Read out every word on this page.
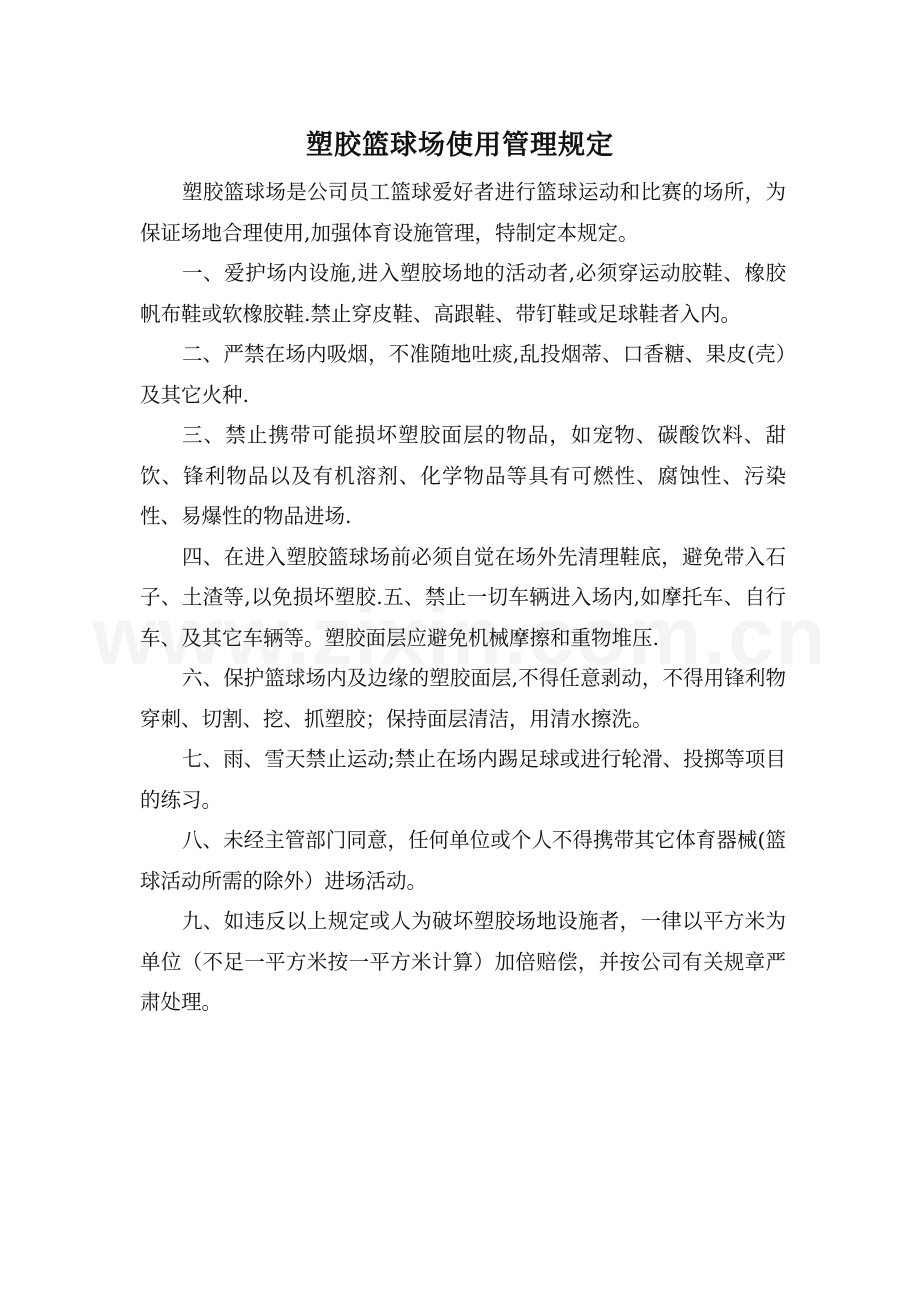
塑胶篮球场使用管理规定

塑胶篮球场是公司员工篮球爱好者进行篮球运动和比赛的场所，为保证场地合理使用,加强体育设施管理，特制定本规定。

一、爱护场内设施,进入塑胶场地的活动者,必须穿运动胶鞋、橡胶帆布鞋或软橡胶鞋.禁止穿皮鞋、高跟鞋、带钉鞋或足球鞋者入内。

二、严禁在场内吸烟，不准随地吐痰,乱投烟蒂、口香糖、果皮(壳）及其它火种.

三、禁止携带可能损坏塑胶面层的物品，如宠物、碳酸饮料、甜饮、锋利物品以及有机溶剂、化学物品等具有可燃性、腐蚀性、污染性、易爆性的物品进场.

四、在进入塑胶篮球场前必须自觉在场外先清理鞋底，避免带入石子、土渣等,以免损坏塑胶.五、禁止一切车辆进入场内,如摩托车、自行车、及其它车辆等。塑胶面层应避免机械摩擦和重物堆压.

六、保护篮球场内及边缘的塑胶面层,不得任意剥动，不得用锋利物穿刺、切割、挖、抓塑胶；保持面层清洁，用清水擦洗。

七、雨、雪天禁止运动;禁止在场内踢足球或进行轮滑、投掷等项目的练习。

八、未经主管部门同意，任何单位或个人不得携带其它体育器械(篮球活动所需的除外）进场活动。

九、如违反以上规定或人为破坏塑胶场地设施者，一律以平方米为单位（不足一平方米按一平方米计算）加倍赔偿，并按公司有关规章严肃处理。
